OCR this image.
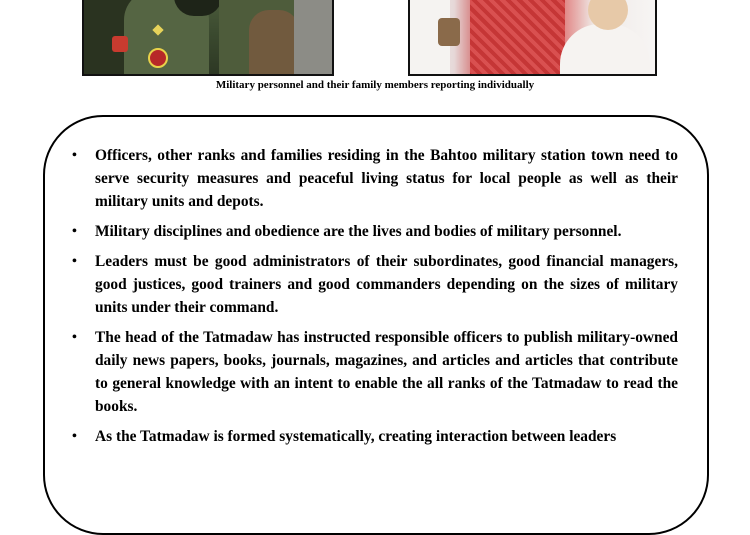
Military personnel and their family members reporting individually
• Officers, other ranks and families residing in the Bahtoo military station town need to serve security measures and peaceful living status for local people as well as their military units and depots.
• Military disciplines and obedience are the lives and bodies of military personnel.
• Leaders must be good administrators of their subordinates, good financial managers, good justices, good trainers and good commanders depending on the sizes of military units under their command.
• The head of the Tatmadaw has instructed responsible officers to publish military-owned daily news papers, books, journals, magazines, and articles and articles that contribute to general knowledge with an intent to enable the all ranks of the Tatmadaw to read the books.
• As the Tatmadaw is formed systematically, creating interaction between leaders
